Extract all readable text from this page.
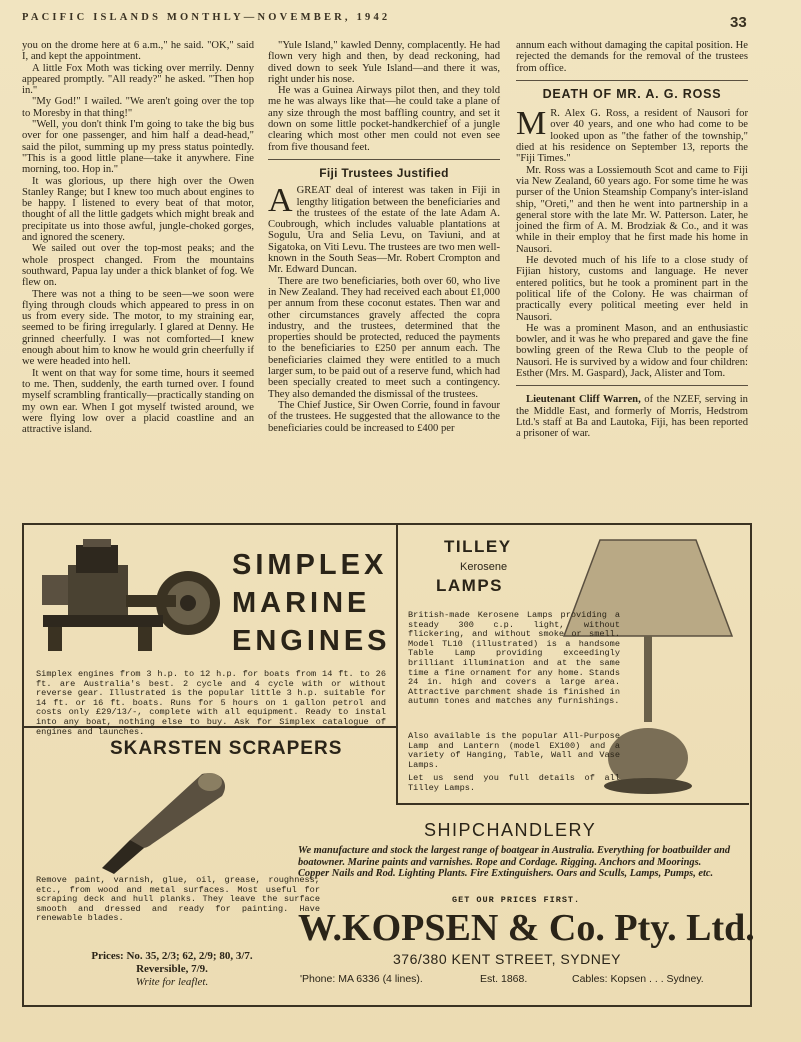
PACIFIC ISLANDS MONTHLY—NOVEMBER, 1942	33

you on the drome here at 6 a.m.," he said. "OK," said I, and kept the appointment.

A little Fox Moth was ticking over merrily. Denny appeared promptly. "All ready?" he asked. "Then hop in."

"My God!" I wailed. "We aren't going over the top to Moresby in that thing!"

"Well, you don't think I'm going to take the big bus over for one passenger, and him half a dead-head," said the pilot, summing up my press status pointedly. "This is a good little plane—take it anywhere. Fine morning, too. Hop in."

It was glorious, up there high over the Owen Stanley Range; but I knew too much about engines to be happy. I listened to every beat of that motor, thought of all the little gadgets which might break and precipitate us into those awful, jungle-choked gorges, and ignored the scenery.

We sailed out over the top-most peaks; and the whole prospect changed. From the mountains southward, Papua lay under a thick blanket of fog. We flew on.

There was not a thing to be seen—we soon were flying through clouds which appeared to press in on us from every side. The motor, to my straining ear, seemed to be firing irregularly. I glared at Denny. He grinned cheerfully. I was not comforted—I knew enough about him to know he would grin cheerfully if we were headed into hell.

It went on that way for some time, hours it seemed to me. Then, suddenly, the earth turned over. I found myself scrambling frantically—practically standing on my own ear. When I got myself twisted around, we were flying low over a placid coastline and an attractive island.

"Yule Island," kawled Denny, complacently. He had flown very high and then, by dead reckoning, had dived down to seek Yule Island—and there it was, right under his nose.

He was a Guinea Airways pilot then, and they told me he was always like that—he could take a plane of any size through the most baffling country, and set it down on some little pocket-handkerchief of a jungle clearing which most other men could not even see from five thousand feet.

Fiji Trustees Justified

AGREAT deal of interest was taken in Fiji in lengthy litigation between the beneficiaries and the trustees of the estate of the late Adam A. Coubrough, which includes valuable plantations at Sogulu, Ura and Selia Levu, on Taviuni, and at Sigatoka, on Viti Levu. The trustees are two men well-known in the South Seas—Mr. Robert Crompton and Mr. Edward Duncan.

There are two beneficiaries, both over 60, who live in New Zealand. They had received each about £1,000 per annum from these coconut estates. Then war and other circumstances gravely affected the copra industry, and the trustees, determined that the properties should be protected, reduced the payments to the beneficiaries to £250 per annum each. The beneficiaries claimed they were entitled to a much larger sum, to be paid out of a reserve fund, which had been specially created to meet such a contingency. They also demanded the dismissal of the trustees.

The Chief Justice, Sir Owen Corrie, found in favour of the trustees. He suggested that the allowance to the beneficiaries could be increased to £400 per

annum each without damaging the capital position. He rejected the demands for the removal of the trustees from office.

DEATH OF MR. A. G. ROSS

M R. Alex G. Ross, a resident of Nausori for over 40 years, and one who had come to be looked upon as "the father of the township," died at his residence on September 13, reports the "Fiji Times."

Mr. Ross was a Lossiemouth Scot and came to Fiji via New Zealand, 60 years ago. For some time he was purser of the Union Steamship Company's inter-island ship, "Oreti," and then he went into partnership in a general store with the late Mr. W. Patterson. Later, he joined the firm of A. M. Brodziak & Co., and it was while in their employ that he first made his home in Nausori.

He devoted much of his life to a close study of Fijian history, customs and language. He never entered politics, but he took a prominent part in the political life of the Colony. He was chairman of practically every political meeting ever held in Nausori.

He was a prominent Mason, and an enthusiastic bowler, and it was he who prepared and gave the fine bowling green of the Rewa Club to the people of Nausori. He is survived by a widow and four children: Esther (Mrs. M. Gaspard), Jack, Alister and Tom.

Lieutenant Cliff Warren, of the NZEF, serving in the Middle East, and formerly of Morris, Hedstrom Ltd.'s staff at Ba and Lautoka, Fiji, has been reported a prisoner of war.

SIMPLEX
MARINE
ENGINES
Simplex engines from 3 h.p. to 12 h.p. for boats from 14 ft. to 26 ft. are Australia's best. 2 cycle and 4 cycle with or without reverse gear. Illustrated is the popular little 3 h.p. suitable for 14 ft. or 16 ft. boats. Runs for 5 hours on 1 gallon petrol and costs only £29/13/-, complete with all equipment. Ready to instal into any boat, nothing else to buy. Ask for Simplex catalogue of engines and launches.
SKARSTEN SCRAPERS
Remove paint, varnish, glue, oil, grease, roughness, etc., from wood and metal surfaces. Most useful for scraping deck and hull planks. They leave the surface smooth and dressed and ready for painting. Have renewable blades.
Prices: No. 35, 2/3; 62, 2/9; 80, 3/7.
Reversible, 7/9.
Write for leaflet.
TILLEY
Kerosene
LAMPS
British-made Kerosene Lamps providing a steady 300 c.p. light, without flickering, and without smoke or smell. Model TL10 (illustrated) is a handsome Table Lamp providing exceedingly brilliant illumination and at the same time a fine ornament for any home. Stands 24 in. high and covers a large area. Attractive parchment shade is finished in autumn tones and matches any furnishings.
Also available is the popular All-Purpose Lamp and Lantern (model EX100) and a variety of Hanging, Table, Wall and Vase Lamps.
Let us send you full details of all Tilley Lamps.
SHIPCHANDLERY
We manufacture and stock the largest range of boatgear in Australia. Everything for boatbuilder and boatowner. Marine paints and varnishes. Rope and Cordage. Rigging. Anchors and Moorings. Copper Nails and Rod. Lighting Plants. Fire Extinguishers. Oars and Sculls, Lamps, Pumps, etc.
GET OUR PRICES FIRST.
W.KOPSEN & Co. Pty. Ltd.
376/380 KENT STREET, SYDNEY
'Phone: MA 6336 (4 lines).	Est. 1868.	Cables: Kopsen . . . Sydney.
